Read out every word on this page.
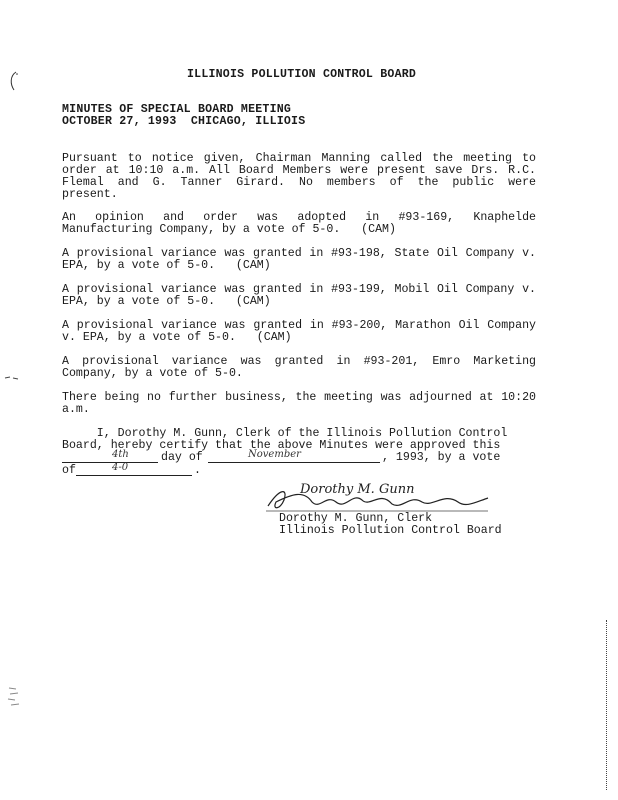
ILLINOIS POLLUTION CONTROL BOARD
MINUTES OF SPECIAL BOARD MEETING
OCTOBER 27, 1993  CHICAGO, ILLIOIS
Pursuant to notice given, Chairman Manning called the meeting to
order at 10:10 a.m. All Board Members were present save Drs. R.C.
Flemal and G. Tanner Girard. No members of the public were
present.
An opinion and order was adopted in #93-169, Knaphelde
Manufacturing Company, by a vote of 5-0.   (CAM)
A provisional variance was granted in #93-198, State Oil Company v.
EPA, by a vote of 5-0.   (CAM)
A provisional variance was granted in #93-199, Mobil Oil Company v.
EPA, by a vote of 5-0.   (CAM)
A provisional variance was granted in #93-200, Marathon Oil Company
v. EPA, by a vote of 5-0.   (CAM)
A provisional variance was granted in #93-201, Emro Marketing
Company, by a vote of 5-0.
There being no further business, the meeting was adjourned at 10:20
a.m.
I, Dorothy M. Gunn, Clerk of the Illinois Pollution Control
Board, hereby certify that the above Minutes were approved this
4th	day of	November	, 1993, by a vote
of	4-0	.
Dorothy M. Gunn
Dorothy M. Gunn, Clerk
Illinois Pollution Control Board
